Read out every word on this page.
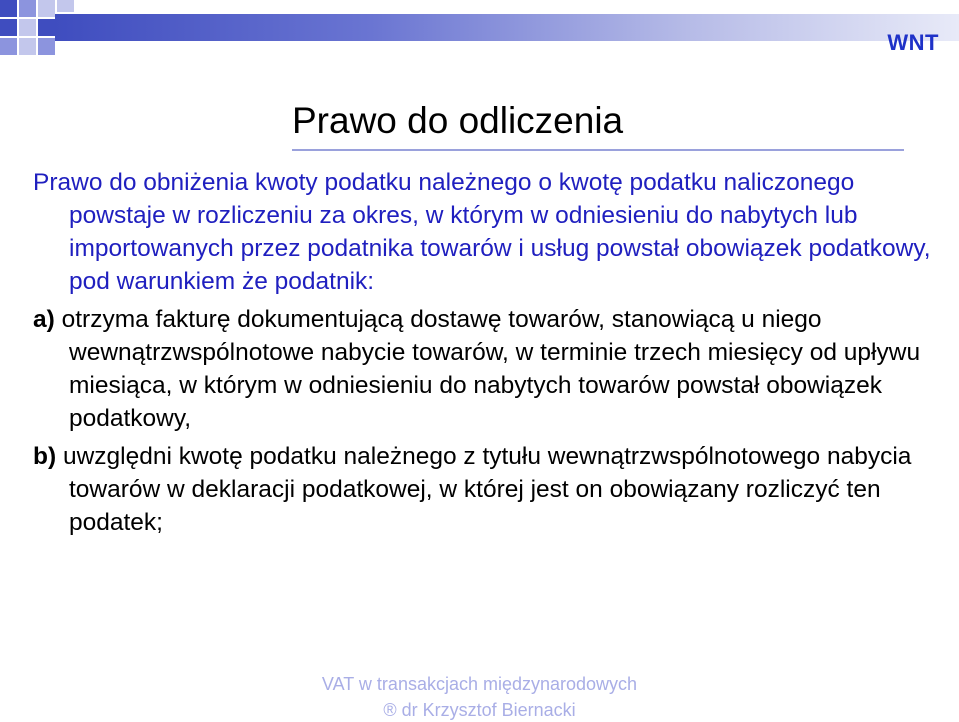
WNT
Prawo do odliczenia

Prawo do obniżenia kwoty podatku należnego o kwotę podatku naliczonego powstaje w rozliczeniu za okres, w którym w odniesieniu do nabytych lub importowanych przez podatnika towarów i usług powstał obowiązek podatkowy, pod warunkiem że podatnik:

a) otrzyma fakturę dokumentującą dostawę towarów, stanowiącą u niego wewnątrzwspólnotowe nabycie towarów, w terminie trzech miesięcy od upływu miesiąca, w którym w odniesieniu do nabytych towarów powstał obowiązek podatkowy,

b) uwzględni kwotę podatku należnego z tytułu wewnątrzwspólnotowego nabycia towarów w deklaracji podatkowej, w której jest on obowiązany rozliczyć ten podatek;

VAT w transakcjach międzynarodowych
® dr Krzysztof Biernacki
